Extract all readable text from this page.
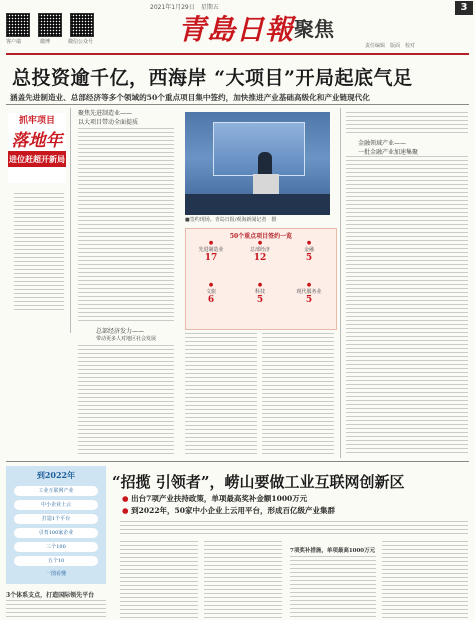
2021年1月29日　星期五	3
客户端	微博	微信公众号	青島日報 聚焦
责任编辑　版面　校对
总投资逾千亿，西海岸 “大项目”开局起底气足
涵盖先进制造业、总部经济等多个领域的50个重点项目集中签约，加快推进产业基础高级化和产业链现代化
抓牢项目
落地年
进位赶超开新局
聚焦先进制造业——
以大项目带动全面提质
总部经济发力——
带动更多人对地区社会发展
■签约现场。青岛日报/观海新闻记者　摄
50个重点项目签约一览
●
先进制造业
17
●
总部经济
12
●
金融
5
●
文旅
6
●
科技
5
●
现代服务业
5
金融领域产业——
一批金融产业加速集聚
到2022年
工业互联网产业
中小企业上云
打造1个平台
引育100家企业
三个100
五个10
一图看懂
“招揽 引领者”，崂山要做工业互联网创新区
● 出台7项产业扶持政策，单项最高奖补金额1000万元
● 到2022年，50家中小企业上云用平台，形成百亿级产业集群
3个体系支点，打造国际领先平台
7项奖补措施，单项最高1000万元
